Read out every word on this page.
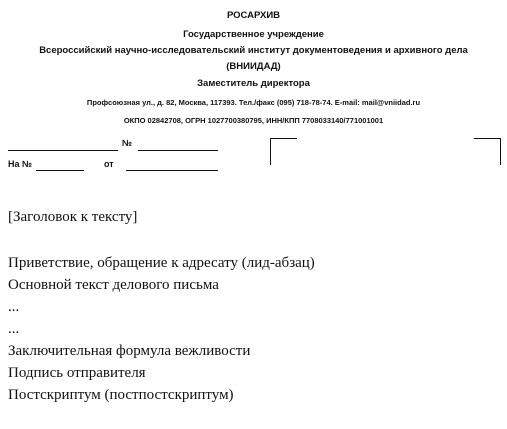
РОСАРХИВ
Государственное учреждение
Всероссийский научно-исследовательский институт документоведения и архивного дела
(ВНИИДАД)
Заместитель директора
Профсоюзная ул., д. 82, Москва, 117393. Тел./факс (095) 718-78-74. E-mail: mail@vniidad.ru
ОКПО 02842708, ОГРН 1027700380795, ИНН/КПП 7708033140/771001001
№
На №	от
[Заголовок к тексту]
Приветствие, обращение к адресату (лид-абзац)
Основной текст делового письма
...
...
Заключительная формула вежливости
Подпись отправителя
Постскриптум (постпостскриптум)
